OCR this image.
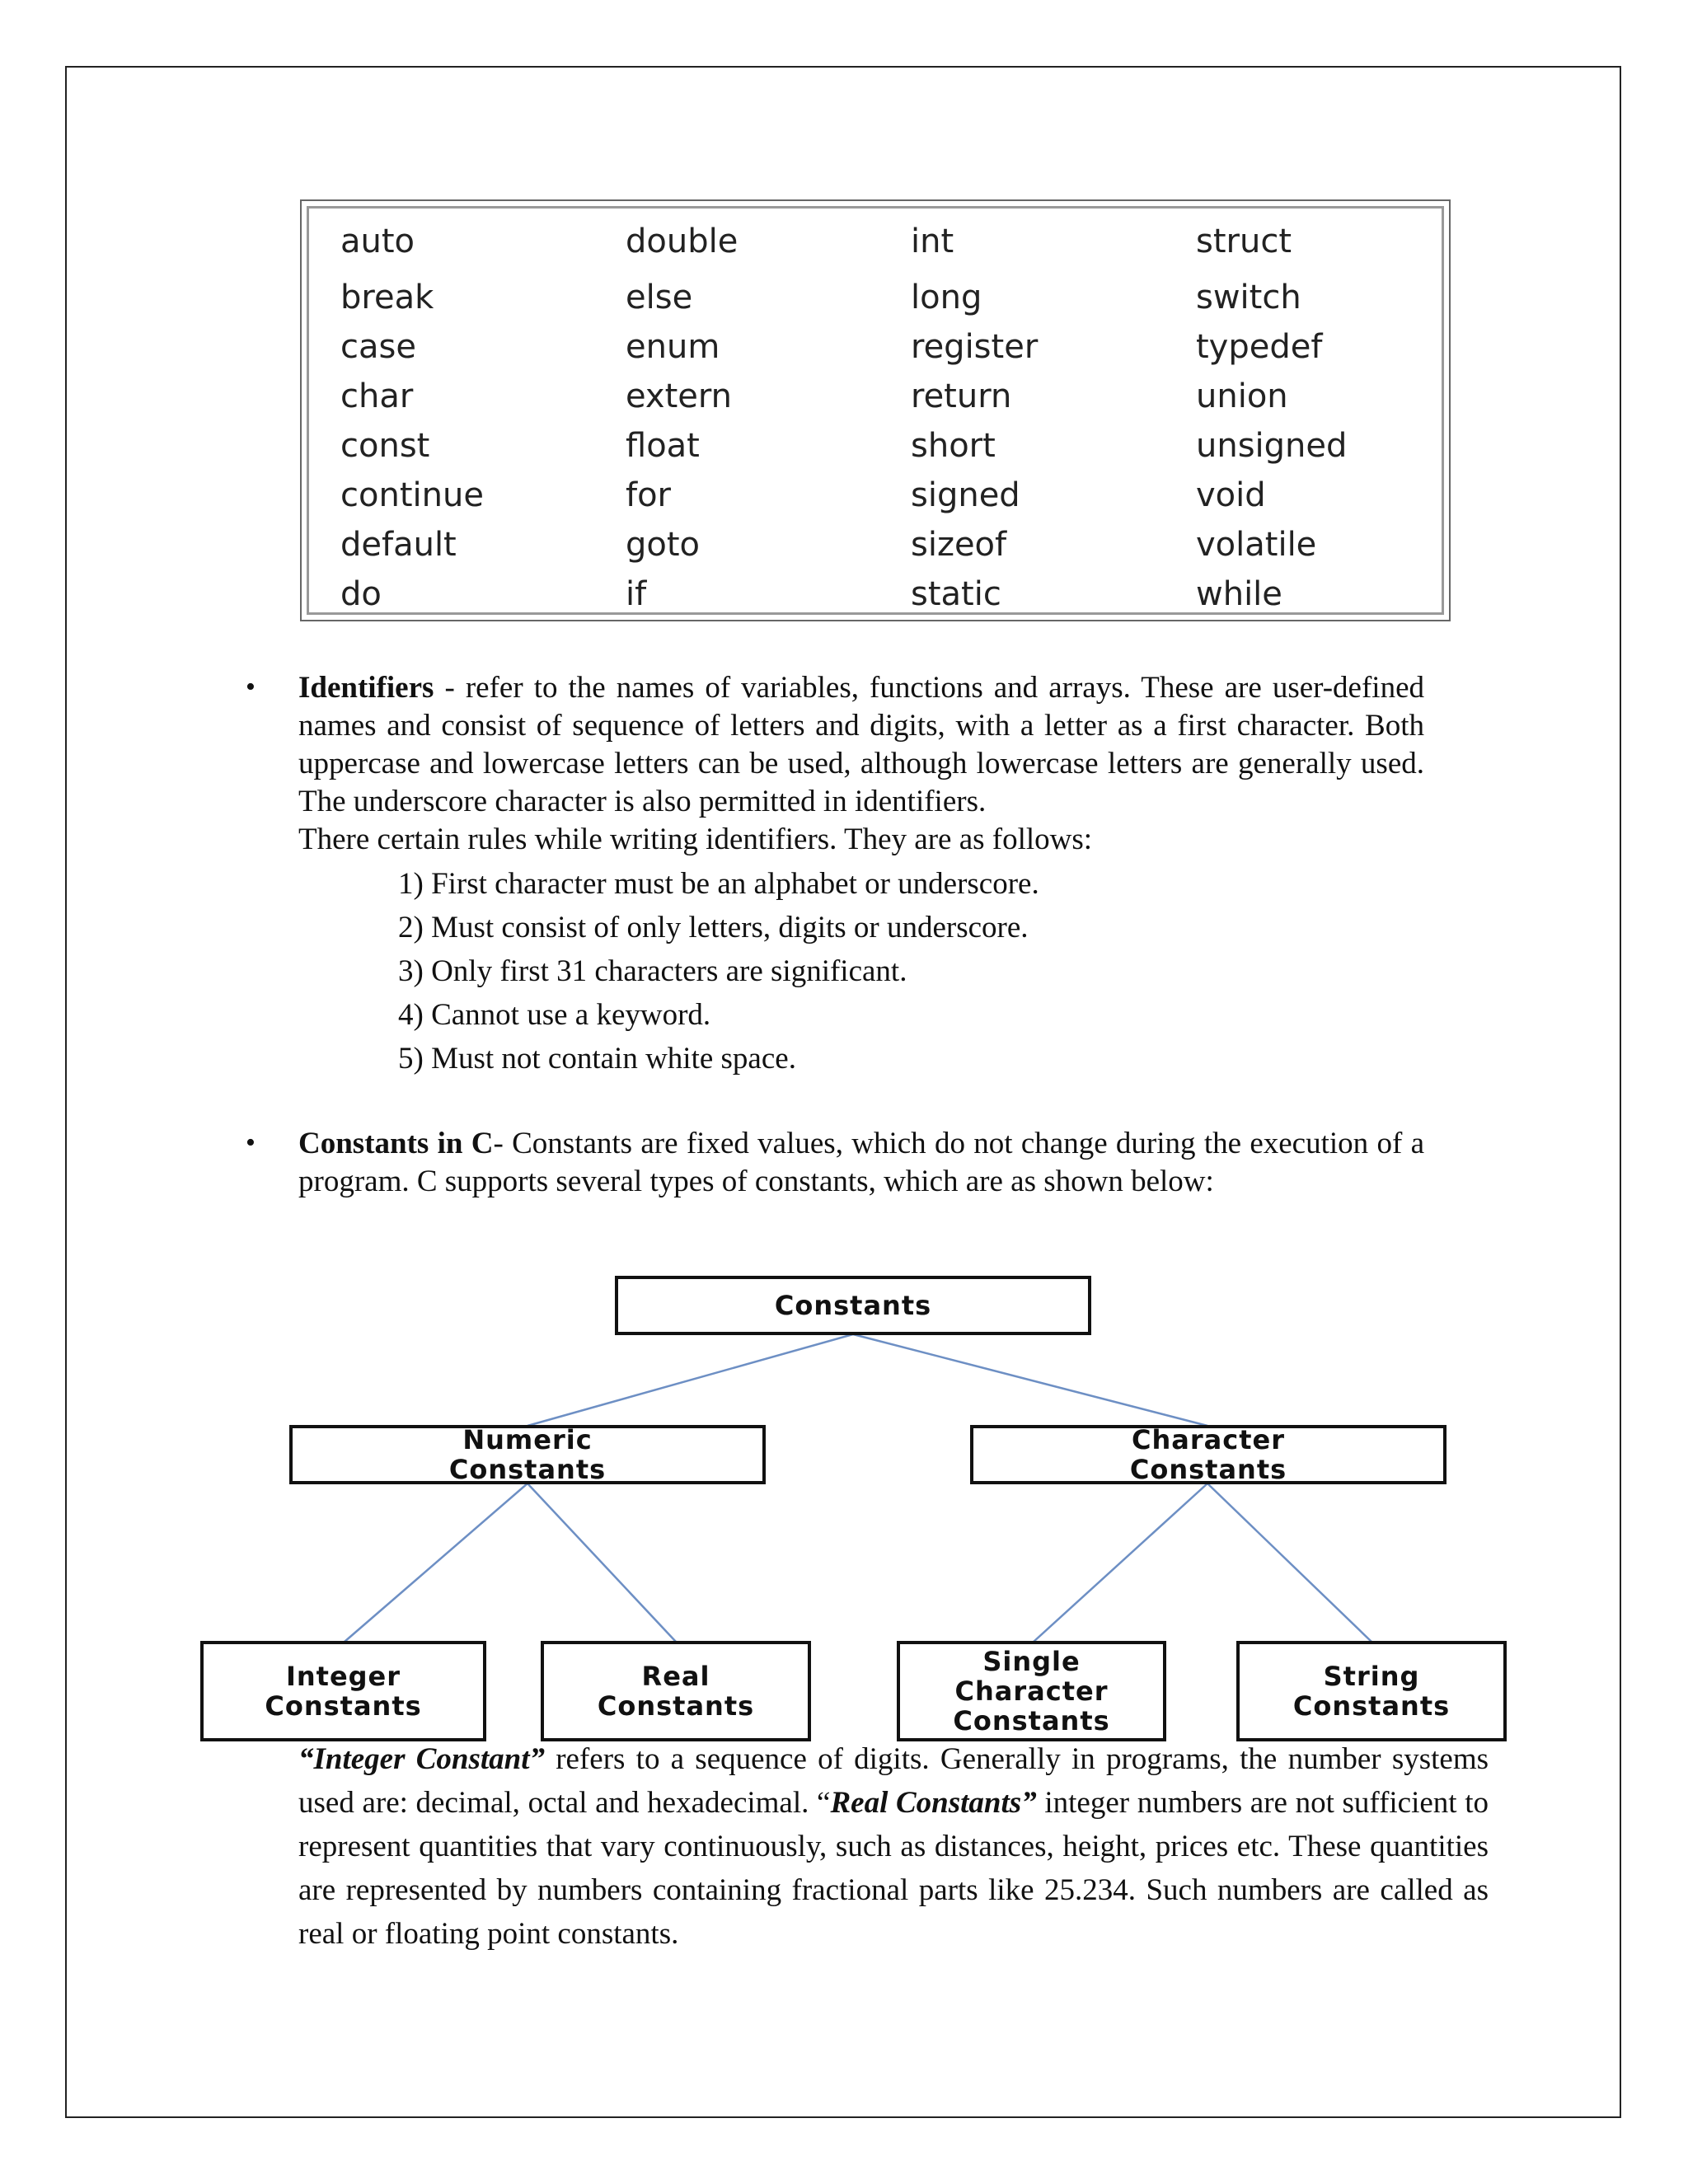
auto
break
case
char
const
continue
default
do
double
else
enum
extern
float
for
goto
if
int
long
register
return
short
signed
sizeof
static
struct
switch
typedef
union
unsigned
void
volatile
while
• Identifiers - refer to the names of variables, functions and arrays. These are user-defined names and consist of sequence of letters and digits, with a letter as a first character. Both uppercase and lowercase letters can be used, although lowercase letters are generally used. The underscore character is also permitted in identifiers.
There certain rules while writing identifiers. They are as follows:
1) First character must be an alphabet or underscore.
2) Must consist of only letters, digits or underscore.
3) Only first 31 characters are significant.
4) Cannot use a keyword.
5) Must not contain white space.
• Constants in C- Constants are fixed values, which do not change during the execution of a program. C supports several types of constants, which are as shown below:
Constants
Numeric
Constants
Character
Constants
Integer
Constants
Real
Constants
Single
Character
Constants
String
Constants
“Integer Constant” refers to a sequence of digits. Generally in programs, the number systems used are: decimal, octal and hexadecimal. “Real Constants” integer numbers are not sufficient to represent quantities that vary continuously, such as distances, height, prices etc. These quantities are represented by numbers containing fractional parts like 25.234. Such numbers are called as real or floating point constants.
